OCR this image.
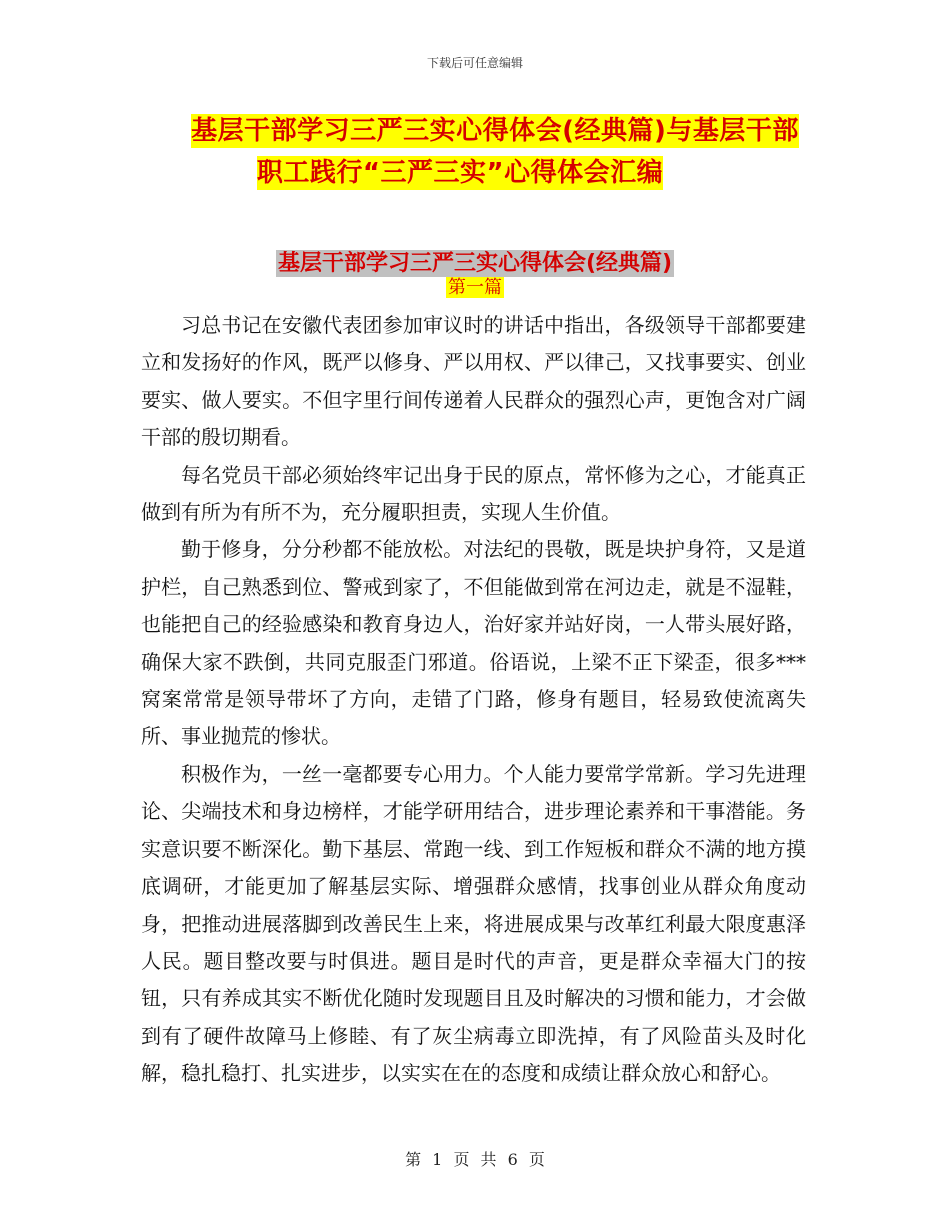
下载后可任意编辑
基层干部学习三严三实心得体会(经典篇)与基层干部
职工践行“三严三实”心得体会汇编
基层干部学习三严三实心得体会(经典篇)
第一篇

习总书记在安徽代表团参加审议时的讲话中指出，各级领导干部都要建立和发扬好的作风，既严以修身、严以用权、严以律己，又找事要实、创业要实、做人要实。不但字里行间传递着人民群众的强烈心声，更饱含对广阔干部的殷切期看。

每名党员干部必须始终牢记出身于民的原点，常怀修为之心，才能真正做到有所为有所不为，充分履职担责，实现人生价值。

勤于修身，分分秒都不能放松。对法纪的畏敬，既是块护身符，又是道护栏，自己熟悉到位、警戒到家了，不但能做到常在河边走，就是不湿鞋，也能把自己的经验感染和教育身边人，治好家并站好岗，一人带头展好路，确保大家不跌倒，共同克服歪门邪道。俗语说，上梁不正下梁歪，很多***窝案常常是领导带坏了方向，走错了门路，修身有题目，轻易致使流离失所、事业抛荒的惨状。

积极作为，一丝一毫都要专心用力。个人能力要常学常新。学习先进理论、尖端技术和身边榜样，才能学研用结合，进步理论素养和干事潜能。务实意识要不断深化。勤下基层、常跑一线、到工作短板和群众不满的地方摸底调研，才能更加了解基层实际、增强群众感情，找事创业从群众角度动身，把推动进展落脚到改善民生上来，将进展成果与改革红利最大限度惠泽人民。题目整改要与时俱进。题目是时代的声音，更是群众幸福大门的按钮，只有养成其实不断优化随时发现题目且及时解决的习惯和能力，才会做到有了硬件故障马上修睦、有了灰尘病毒立即洗掉，有了风险苗头及时化解，稳扎稳打、扎实进步，以实实在在的态度和成绩让群众放心和舒心。

第 1 页 共 6 页
